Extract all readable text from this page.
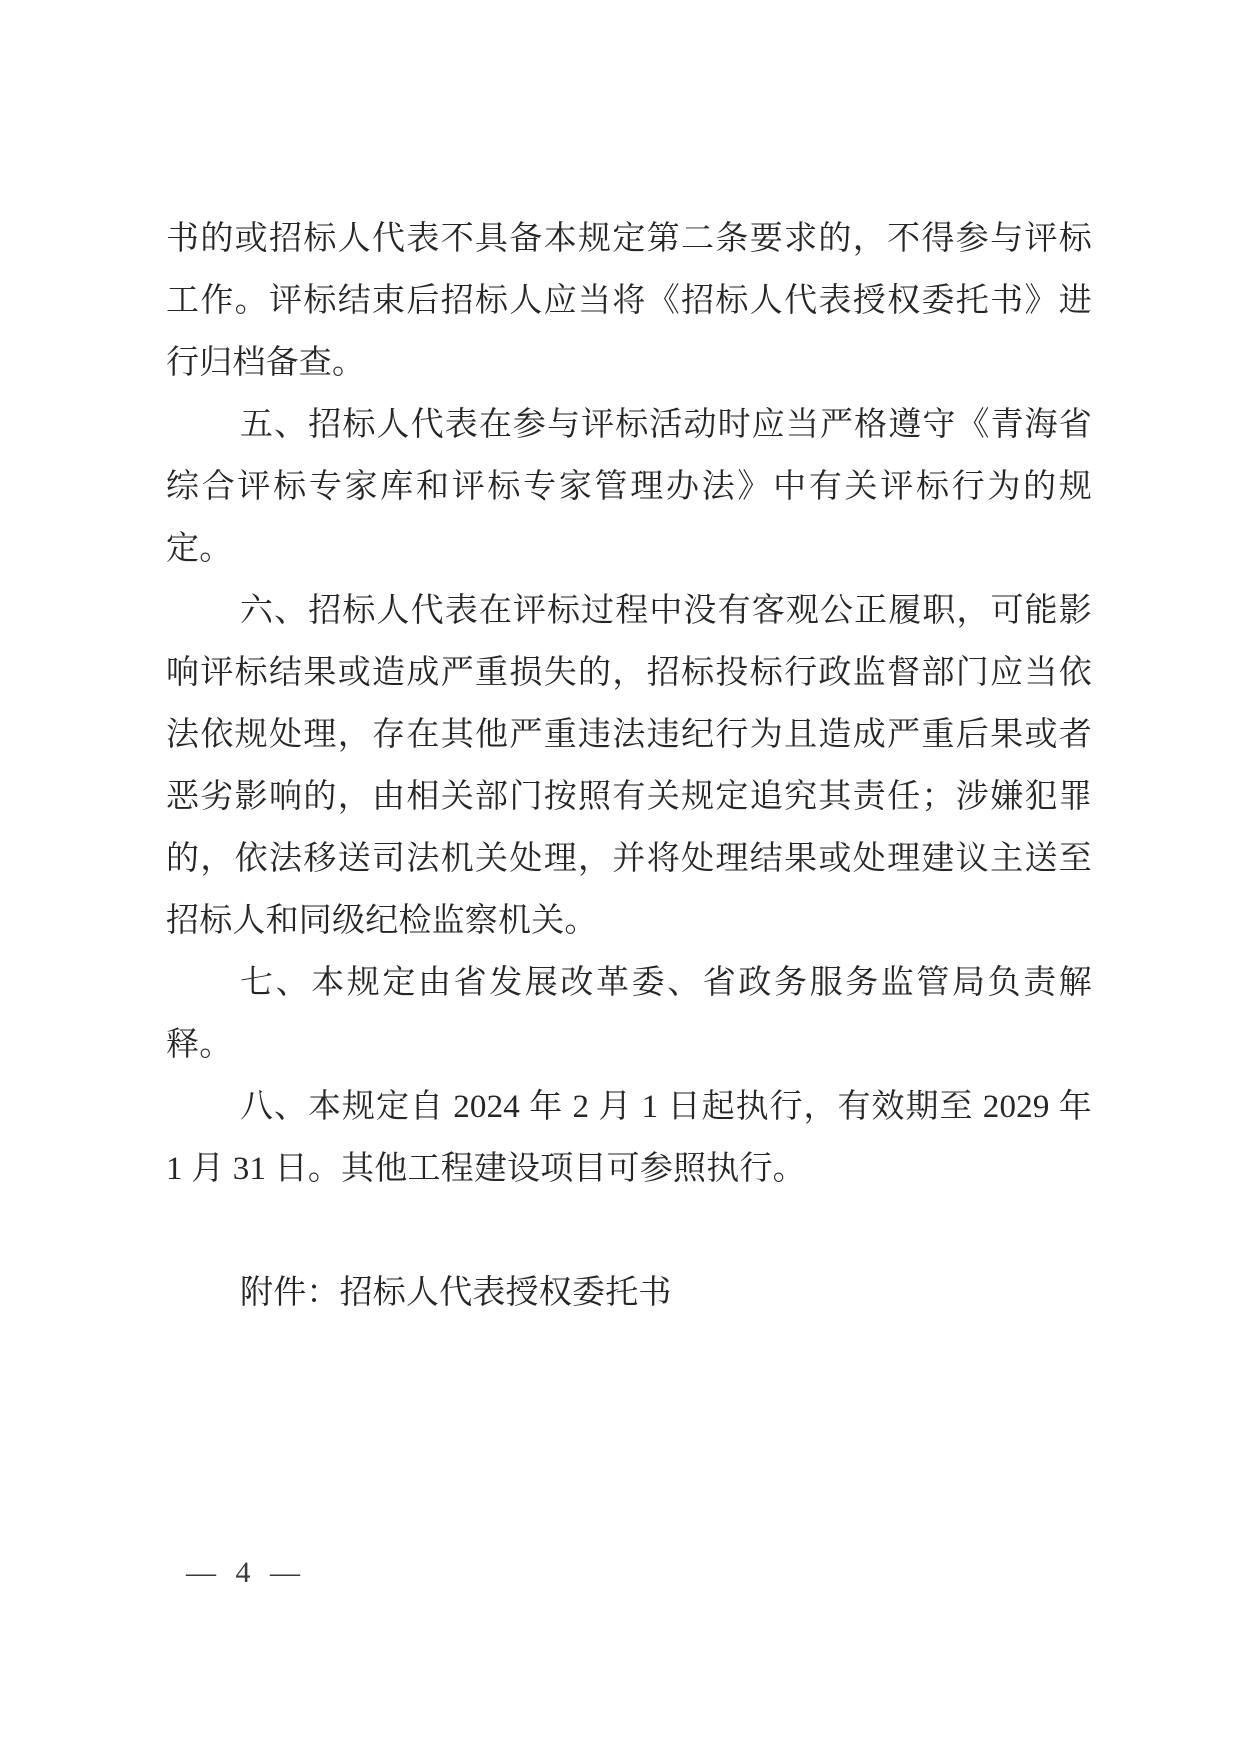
书的或招标人代表不具备本规定第二条要求的，不得参与评标工作。评标结束后招标人应当将《招标人代表授权委托书》进行归档备查。

五、招标人代表在参与评标活动时应当严格遵守《青海省综合评标专家库和评标专家管理办法》中有关评标行为的规定。

六、招标人代表在评标过程中没有客观公正履职，可能影响评标结果或造成严重损失的，招标投标行政监督部门应当依法依规处理，存在其他严重违法违纪行为且造成严重后果或者恶劣影响的，由相关部门按照有关规定追究其责任；涉嫌犯罪的，依法移送司法机关处理，并将处理结果或处理建议主送至招标人和同级纪检监察机关。

七、本规定由省发展改革委、省政务服务监管局负责解释。

八、本规定自 2024 年 2 月 1 日起执行，有效期至 2029 年 1 月 31 日。其他工程建设项目可参照执行。

附件：招标人代表授权委托书

— 4 —
